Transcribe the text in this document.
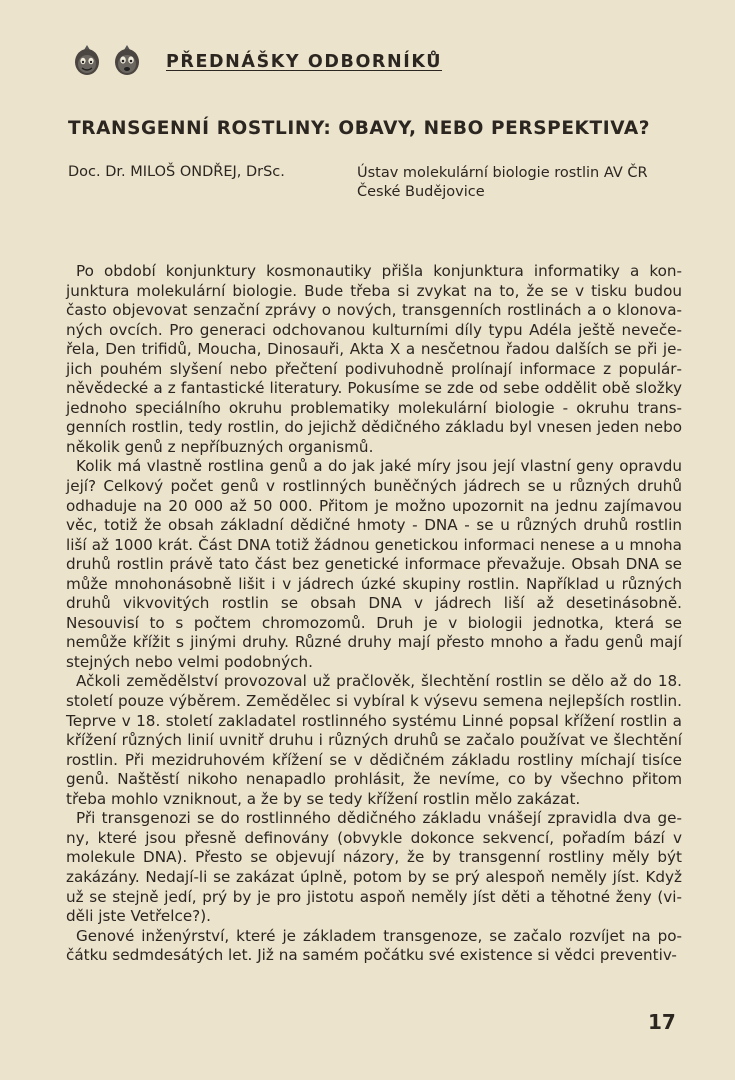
PŘEDNÁŠKY ODBORNÍKŮ
TRANSGENNÍ ROSTLINY: OBAVY, NEBO PERSPEKTIVA?
Doc. Dr. MILOŠ ONDŘEJ, DrSc.	Ústav molekulární biologie rostlin AV ČR
České Budějovice

Po období konjunktury kosmonautiky přišla konjunktura informatiky a konjunktura molekulární biologie. Bude třeba si zvykat na to, že se v tisku budou často objevovat senzační zprávy o nových, transgenních rostlinách a o klonovaných ovcích. Pro generaci odchovanou kulturními díly typu Adéla ještě nevečeřela, Den trifidů, Moucha, Dinosauři, Akta X a nesčetnou řadou dalších se při jejich pouhém slyšení nebo přečtení podivuhodně prolínají informace z populárněvědecké a z fantastické literatury. Pokusíme se zde od sebe oddělit obě složky jednoho speciálního okruhu problematiky molekulární biologie - okruhu transgenních rostlin, tedy rostlin, do jejichž dědičného základu byl vnesen jeden nebo několik genů z nepříbuzných organismů.

Kolik má vlastně rostlina genů a do jak jaké míry jsou její vlastní geny opravdu její? Celkový počet genů v rostlinných buněčných jádrech se u různých druhů odhaduje na 20 000 až 50 000. Přitom je možno upozornit na jednu zajímavou věc, totiž že obsah základní dědičné hmoty - DNA - se u různých druhů rostlin liší až 1000 krát. Část DNA totiž žádnou genetickou informaci nenese a u mnoha druhů rostlin právě tato část bez genetické informace převažuje. Obsah DNA se může mnohonásobně lišit i v jádrech úzké skupiny rostlin. Například u různých druhů vikvovitých rostlin se obsah DNA v jádrech liší až desetinásobně. Nesouvisí to s počtem chromozomů. Druh je v biologii jednotka, která se nemůže křížit s jinými druhy. Různé druhy mají přesto mnoho a řadu genů mají stejných nebo velmi podobných.

Ačkoli zemědělství provozoval už pračlověk, šlechtění rostlin se dělo až do 18. století pouze výběrem. Zemědělec si vybíral k výsevu semena nejlepších rostlin. Teprve v 18. století zakladatel rostlinného systému Linné popsal křížení rostlin a křížení různých linií uvnitř druhu i různých druhů se začalo používat ve šlechtění rostlin. Při mezidruhovém křížení se v dědičném základu rostliny míchají tisíce genů. Naštěstí nikoho nenapadlo prohlásit, že nevíme, co by všechno přitom třeba mohlo vzniknout, a že by se tedy křížení rostlin mělo zakázat.

Při transgenozi se do rostlinného dědičného základu vnášejí zpravidla dva geny, které jsou přesně definovány (obvykle dokonce sekvencí, pořadím bází v molekule DNA). Přesto se objevují názory, že by transgenní rostliny měly být zakázány. Nedají-li se zakázat úplně, potom by se prý alespoň neměly jíst. Když už se stejně jedí, prý by je pro jistotu aspoň neměly jíst děti a těhotné ženy (viděli jste Vetřelce?).

Genové inženýrství, které je základem transgenoze, se začalo rozvíjet na počátku sedmdesátých let. Již na samém počátku své existence si vědci preventiv-

17
